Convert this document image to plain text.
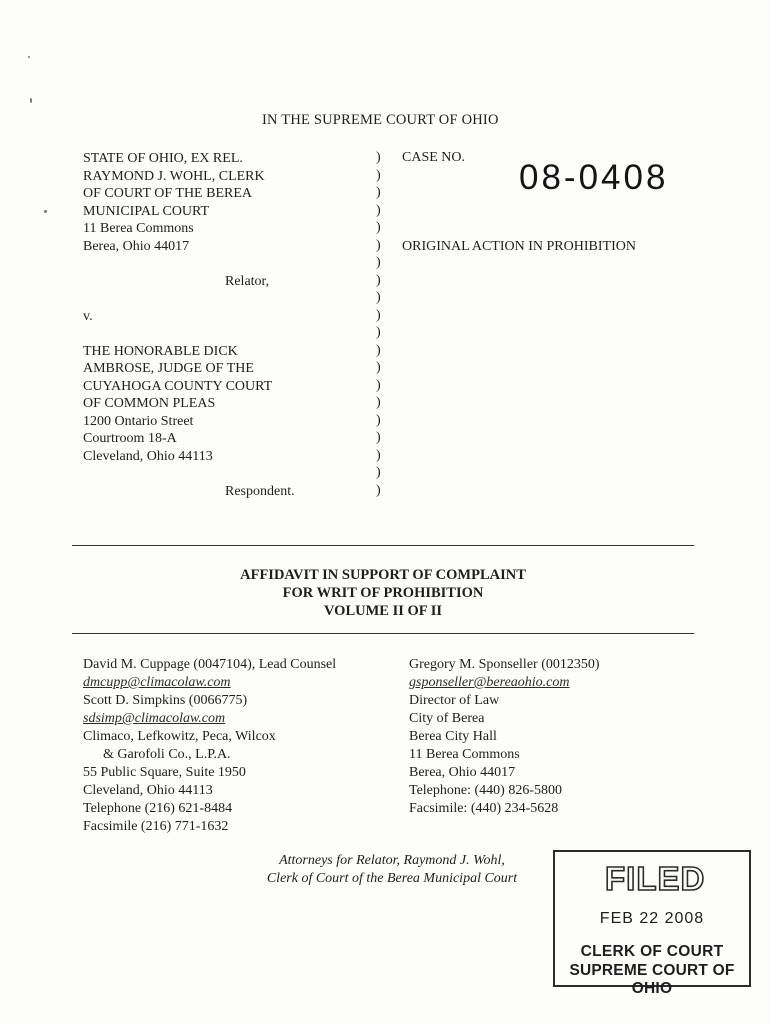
IN THE SUPREME COURT OF OHIO
STATE OF OHIO, EX REL.
RAYMOND J. WOHL, CLERK
OF COURT OF THE BEREA
MUNICIPAL COURT
11 Berea Commons
Berea, Ohio 44017
Relator,
v.
THE HONORABLE DICK
AMBROSE, JUDGE OF THE
CUYAHOGA COUNTY COURT
OF COMMON PLEAS
1200 Ontario Street
Courtroom 18-A
Cleveland, Ohio 44113
Respondent.
)
)
)
)
)
)
)
)
)
)
)
)
)
)
)
)
)
)
)
)
CASE NO.
08-0408
ORIGINAL ACTION IN PROHIBITION
AFFIDAVIT IN SUPPORT OF COMPLAINT
FOR WRIT OF PROHIBITION
VOLUME II OF II
David M. Cuppage (0047104), Lead Counsel
dmcupp@climacolaw.com
Scott D. Simpkins (0066775)
sdsimp@climacolaw.com
Climaco, Lefkowitz, Peca, Wilcox
& Garofoli Co., L.P.A.
55 Public Square, Suite 1950
Cleveland, Ohio 44113
Telephone (216) 621-8484
Facsimile (216) 771-1632
Gregory M. Sponseller (0012350)
gsponseller@bereaohio.com
Director of Law
City of Berea
Berea City Hall
11 Berea Commons
Berea, Ohio 44017
Telephone: (440) 826-5800
Facsimile: (440) 234-5628
Attorneys for Relator, Raymond J. Wohl,
Clerk of Court of the Berea Municipal Court	FILED
FEB 22 2008
CLERK OF COURT
SUPREME COURT OF OHIO
